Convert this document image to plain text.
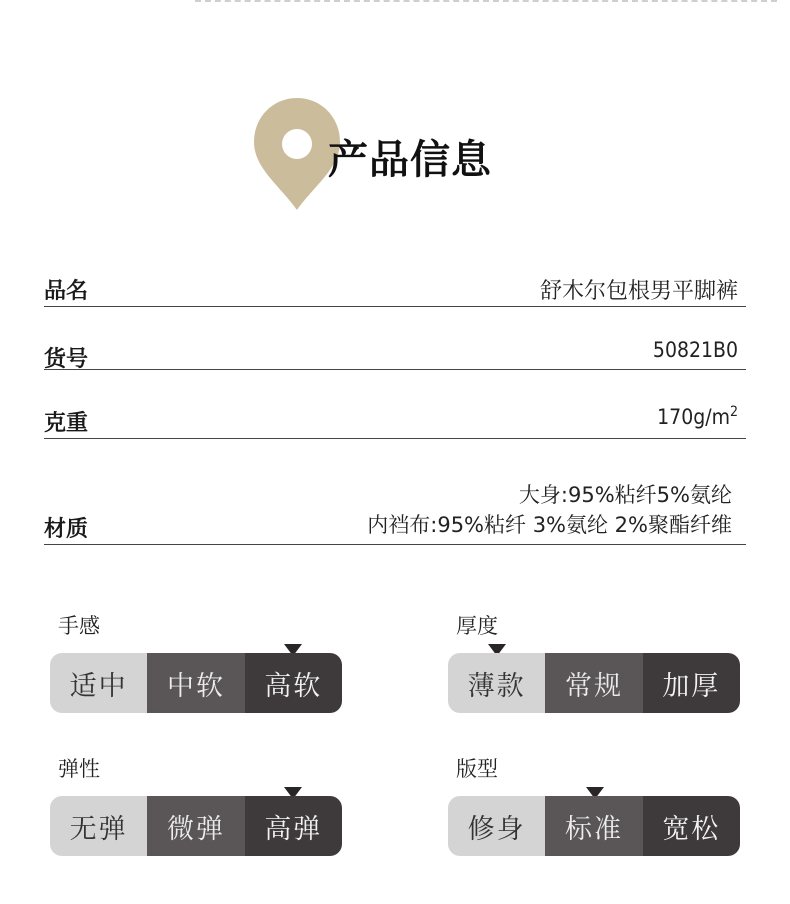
产品信息
品名	舒木尔包根男平脚裤
货号	50821B0
克重	$170g/m^2$
材质
大身:95%粘纤5%氨纶
内裆布:95%粘纤 3%氨纶 2%聚酯纤维
手感
适中	中软	高软
厚度
薄款	常规	加厚
弹性
无弹	微弹	高弹
版型
修身	标准	宽松
